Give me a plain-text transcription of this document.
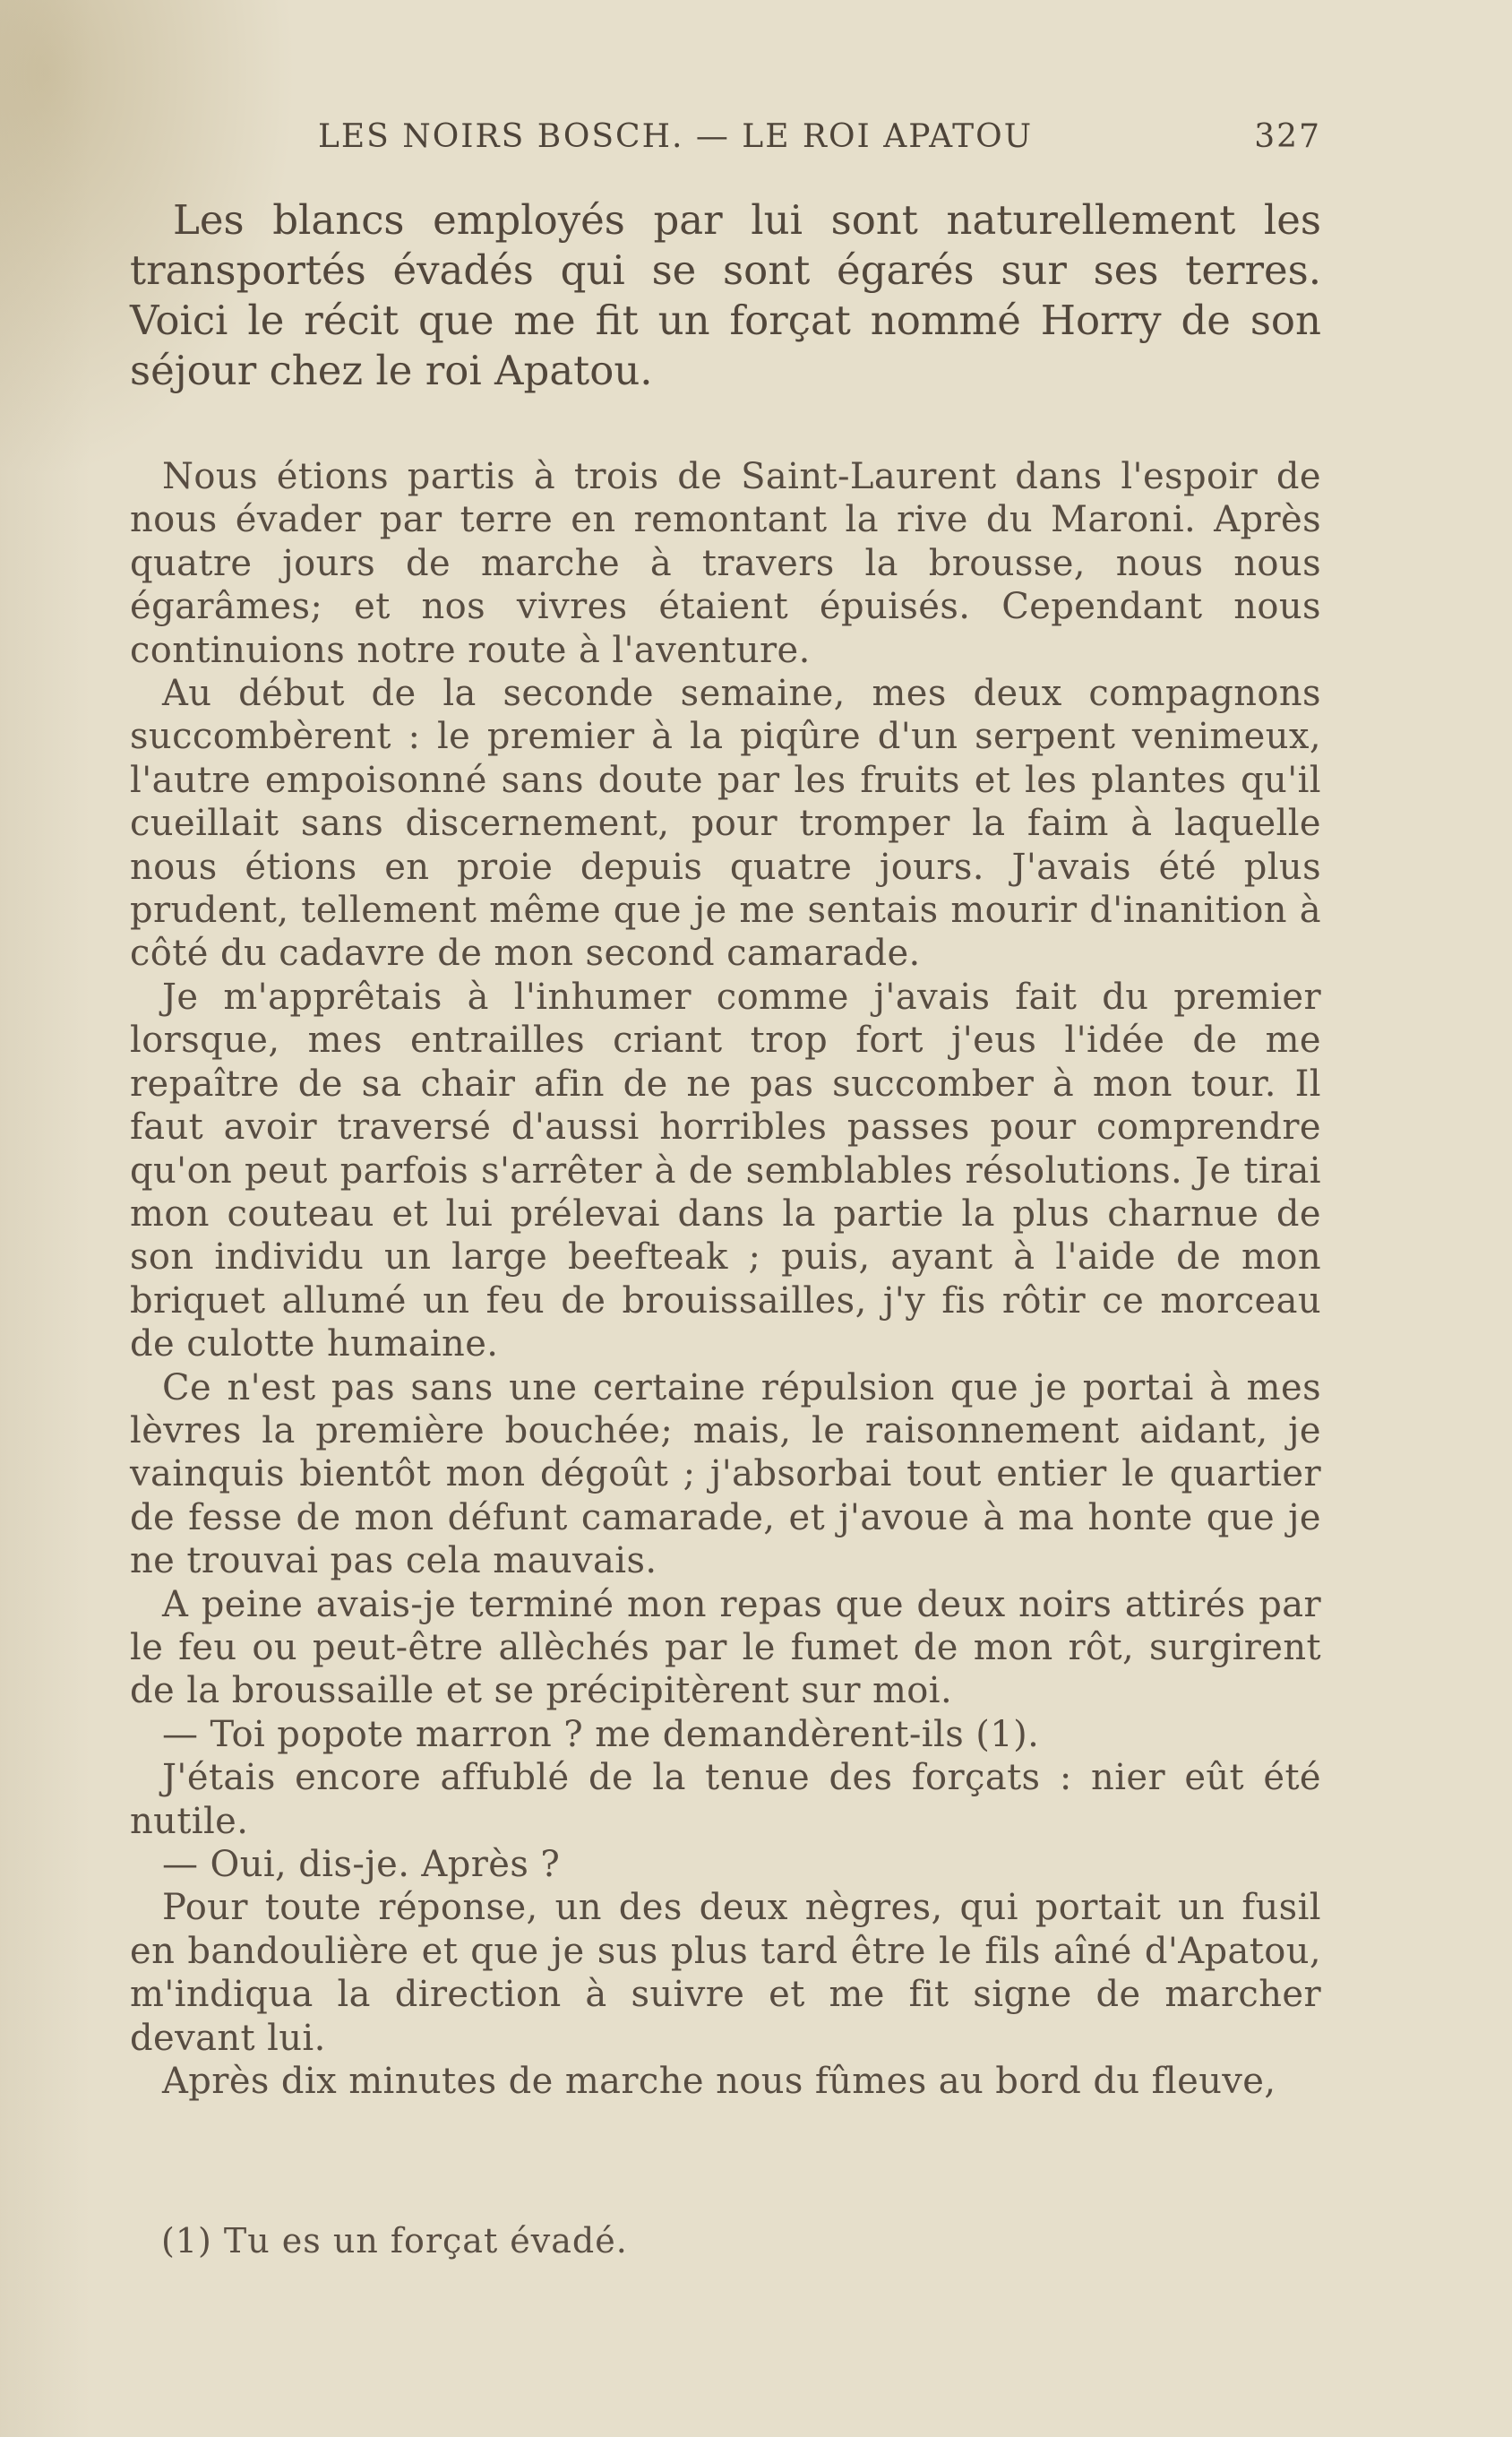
LES NOIRS BOSCH. — LE ROI APATOU	327

Les blancs employés par lui sont naturellement les transportés évadés qui se sont égarés sur ses terres. Voici le récit que me fit un forçat nommé Horry de son séjour chez le roi Apatou.

Nous étions partis à trois de Saint-Laurent dans l'espoir de nous évader par terre en remontant la rive du Maroni. Après quatre jours de marche à travers la brousse, nous nous égarâmes; et nos vivres étaient épuisés. Cependant nous continuions notre route à l'aventure.

Au début de la seconde semaine, mes deux compagnons succombèrent : le premier à la piqûre d'un serpent venimeux, l'autre empoisonné sans doute par les fruits et les plantes qu'il cueillait sans discernement, pour tromper la faim à laquelle nous étions en proie depuis quatre jours. J'avais été plus prudent, tellement même que je me sentais mourir d'inanition à côté du cadavre de mon second camarade.

Je m'apprêtais à l'inhumer comme j'avais fait du premier lorsque, mes entrailles criant trop fort j'eus l'idée de me repaître de sa chair afin de ne pas succomber à mon tour. Il faut avoir traversé d'aussi horribles passes pour comprendre qu'on peut parfois s'arrêter à de semblables résolutions. Je tirai mon couteau et lui prélevai dans la partie la plus charnue de son individu un large beefteak ; puis, ayant à l'aide de mon briquet allumé un feu de brouissailles, j'y fis rôtir ce morceau de culotte humaine.

Ce n'est pas sans une certaine répulsion que je portai à mes lèvres la première bouchée; mais, le raisonnement aidant, je vainquis bientôt mon dégoût ; j'absorbai tout entier le quartier de fesse de mon défunt camarade, et j'avoue à ma honte que je ne trouvai pas cela mauvais.

A peine avais-je terminé mon repas que deux noirs attirés par le feu ou peut-être allèchés par le fumet de mon rôt, surgirent de la broussaille et se précipitèrent sur moi.

— Toi popote marron ? me demandèrent-ils (1).

J'étais encore affublé de la tenue des forçats : nier eût été nutile.

— Oui, dis-je. Après ?

Pour toute réponse, un des deux nègres, qui portait un fusil en bandoulière et que je sus plus tard être le fils aîné d'Apatou, m'indiqua la direction à suivre et me fit signe de marcher devant lui.

Après dix minutes de marche nous fûmes au bord du fleuve,

(1) Tu es un forçat évadé.
